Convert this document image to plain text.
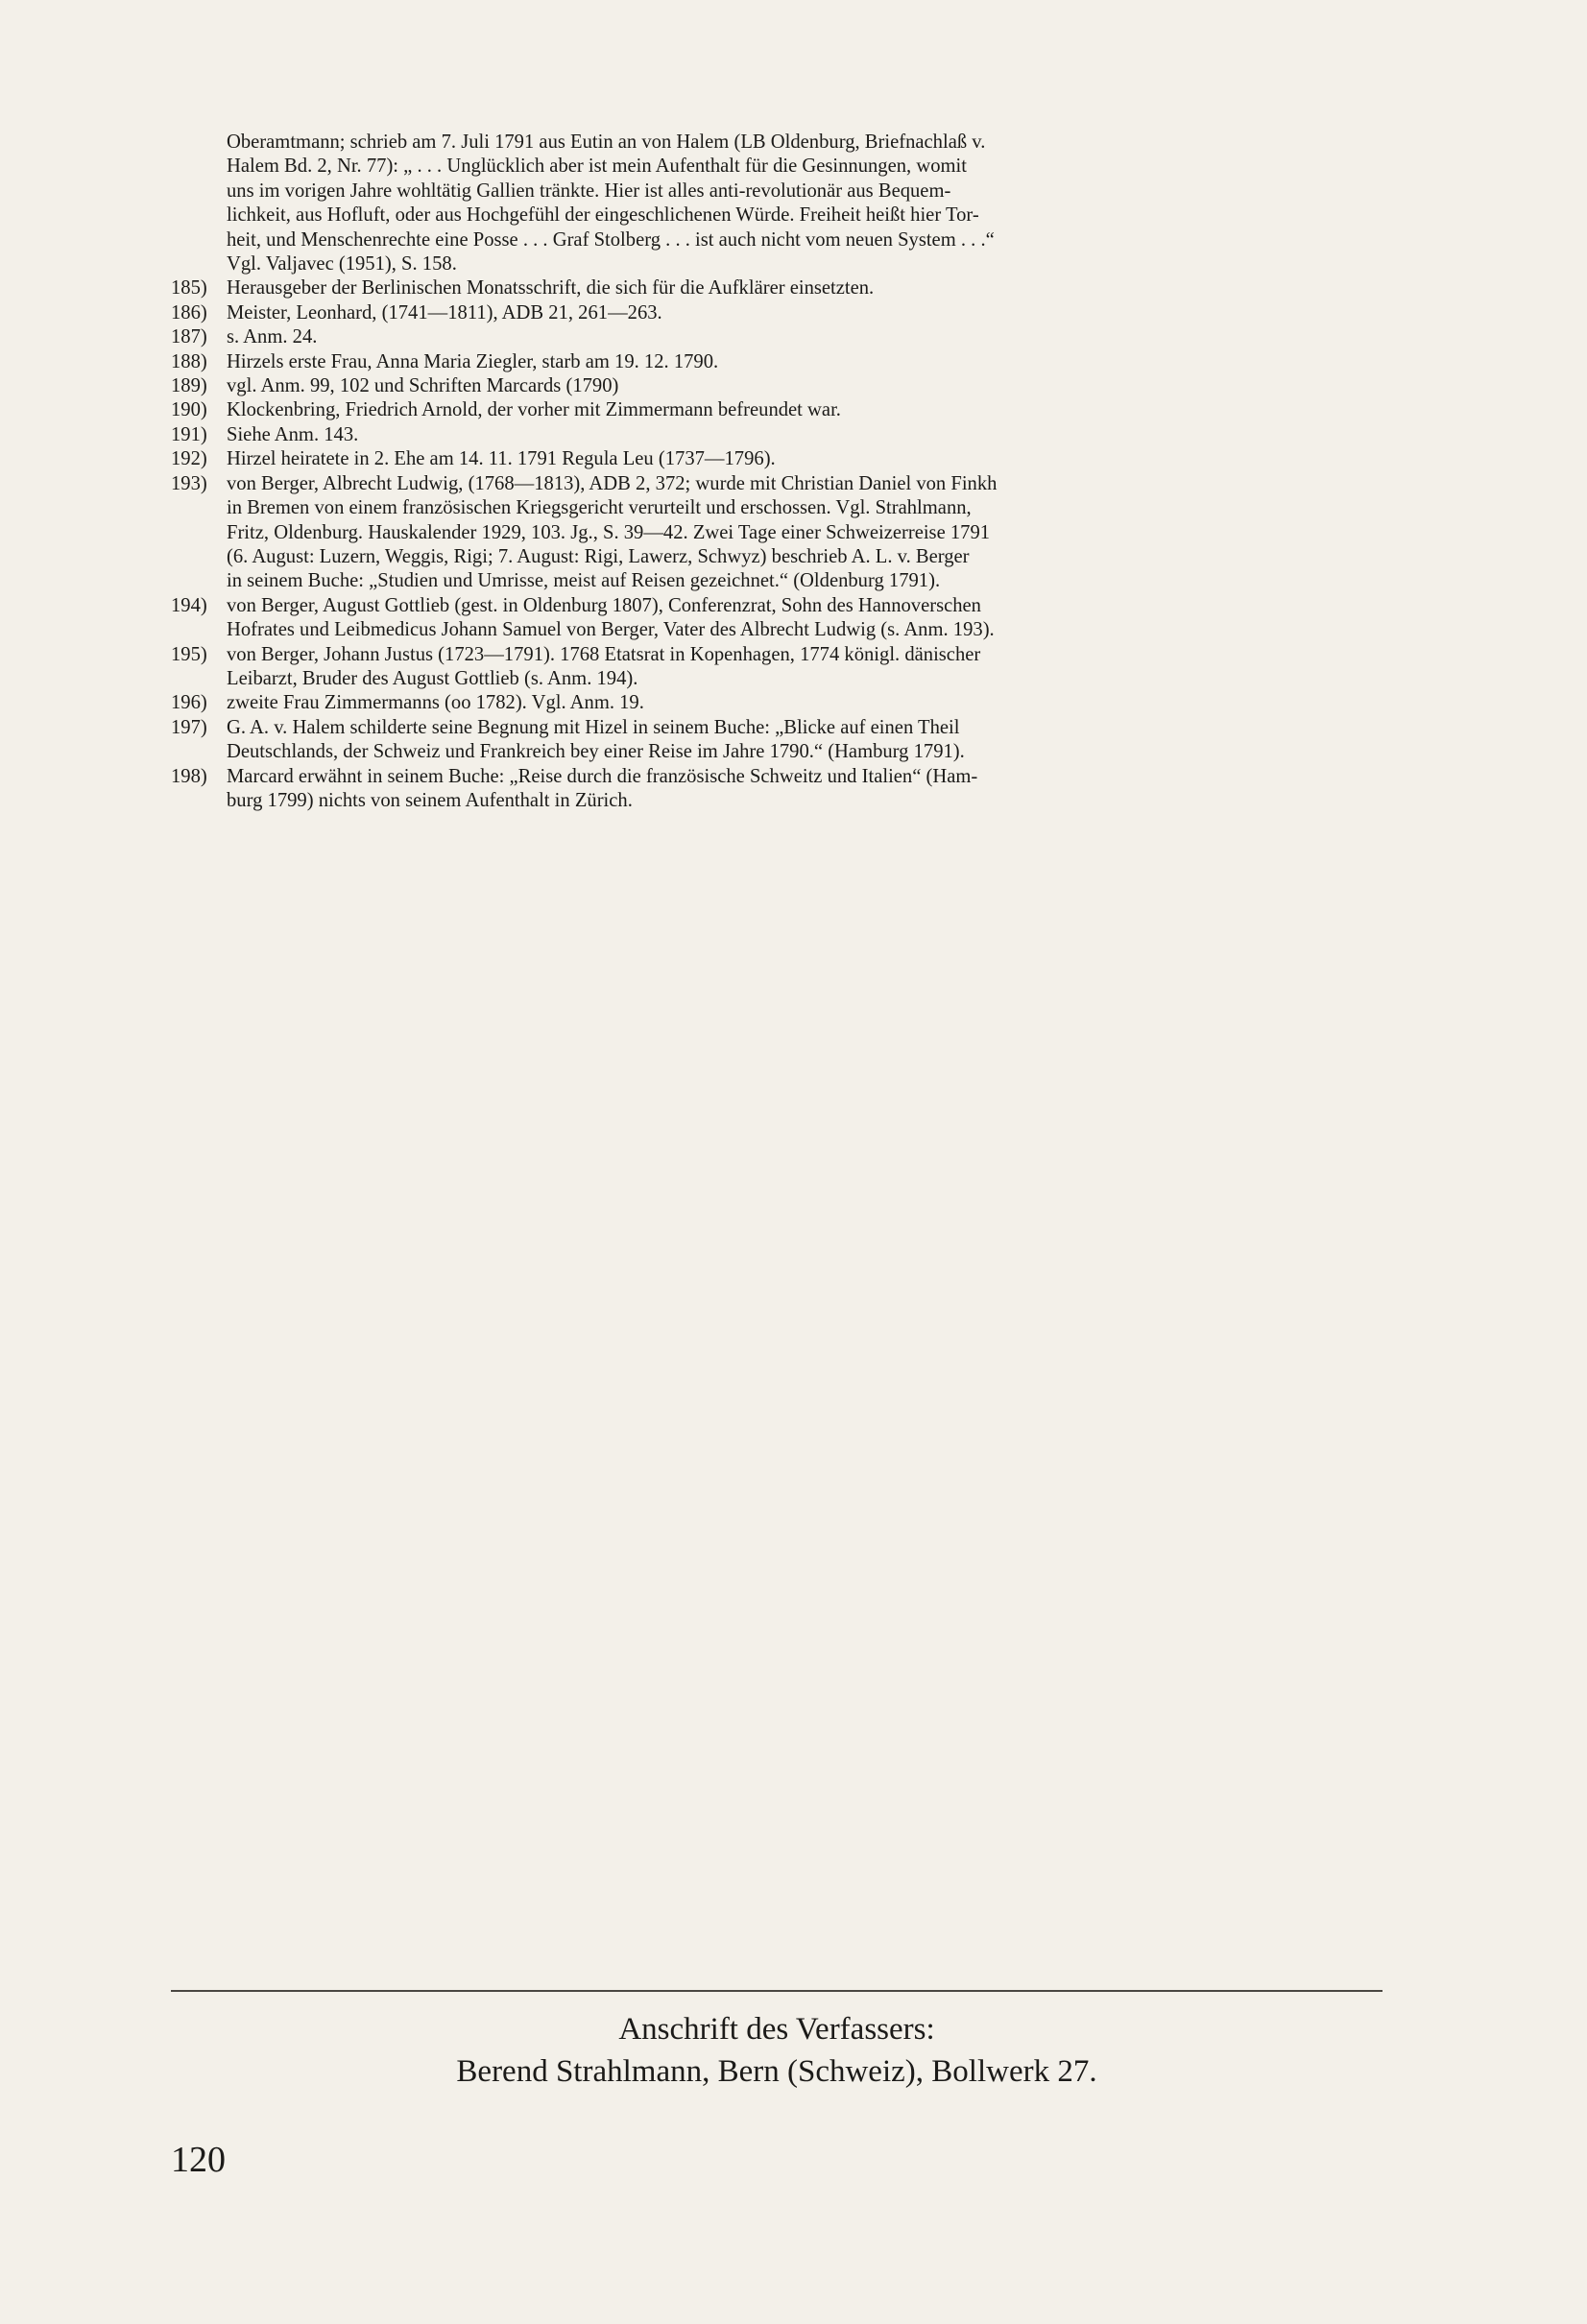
Oberamtmann; schrieb am 7. Juli 1791 aus Eutin an von Halem (LB Oldenburg, Briefnachlaß v.
Halem Bd. 2, Nr. 77): „ . . . Unglücklich aber ist mein Aufenthalt für die Gesinnungen, womit
uns im vorigen Jahre wohltätig Gallien tränkte. Hier ist alles anti-revolutionär aus Bequem-
lichkeit, aus Hofluft, oder aus Hochgefühl der eingeschlichenen Würde. Freiheit heißt hier Tor-
heit, und Menschenrechte eine Posse . . . Graf Stolberg . . . ist auch nicht vom neuen System . . .“
Vgl. Valjavec (1951), S. 158.
185) Herausgeber der Berlinischen Monatsschrift, die sich für die Aufklärer einsetzten.
186) Meister, Leonhard, (1741—1811), ADB 21, 261—263.
187) s. Anm. 24.
188) Hirzels erste Frau, Anna Maria Ziegler, starb am 19. 12. 1790.
189) vgl. Anm. 99, 102 und Schriften Marcards (1790)
190) Klockenbring, Friedrich Arnold, der vorher mit Zimmermann befreundet war.
191) Siehe Anm. 143.
192) Hirzel heiratete in 2. Ehe am 14. 11. 1791 Regula Leu (1737—1796).
193) von Berger, Albrecht Ludwig, (1768—1813), ADB 2, 372; wurde mit Christian Daniel von Finkh
in Bremen von einem französischen Kriegsgericht verurteilt und erschossen. Vgl. Strahlmann,
Fritz, Oldenburg. Hauskalender 1929, 103. Jg., S. 39—42. Zwei Tage einer Schweizerreise 1791
(6. August: Luzern, Weggis, Rigi; 7. August: Rigi, Lawerz, Schwyz) beschrieb A. L. v. Berger
in seinem Buche: „Studien und Umrisse, meist auf Reisen gezeichnet.“ (Oldenburg 1791).
194) von Berger, August Gottlieb (gest. in Oldenburg 1807), Conferenzrat, Sohn des Hannoverschen
Hofrates und Leibmedicus Johann Samuel von Berger, Vater des Albrecht Ludwig (s. Anm. 193).
195) von Berger, Johann Justus (1723—1791). 1768 Etatsrat in Kopenhagen, 1774 königl. dänischer
Leibarzt, Bruder des August Gottlieb (s. Anm. 194).
196) zweite Frau Zimmermanns (oo 1782). Vgl. Anm. 19.
197) G. A. v. Halem schilderte seine Begnung mit Hizel in seinem Buche: „Blicke auf einen Theil
Deutschlands, der Schweiz und Frankreich bey einer Reise im Jahre 1790.“ (Hamburg 1791).
198) Marcard erwähnt in seinem Buche: „Reise durch die französische Schweitz und Italien“ (Ham-
burg 1799) nichts von seinem Aufenthalt in Zürich.
Anschrift des Verfassers:
Berend Strahlmann, Bern (Schweiz), Bollwerk 27.
120
